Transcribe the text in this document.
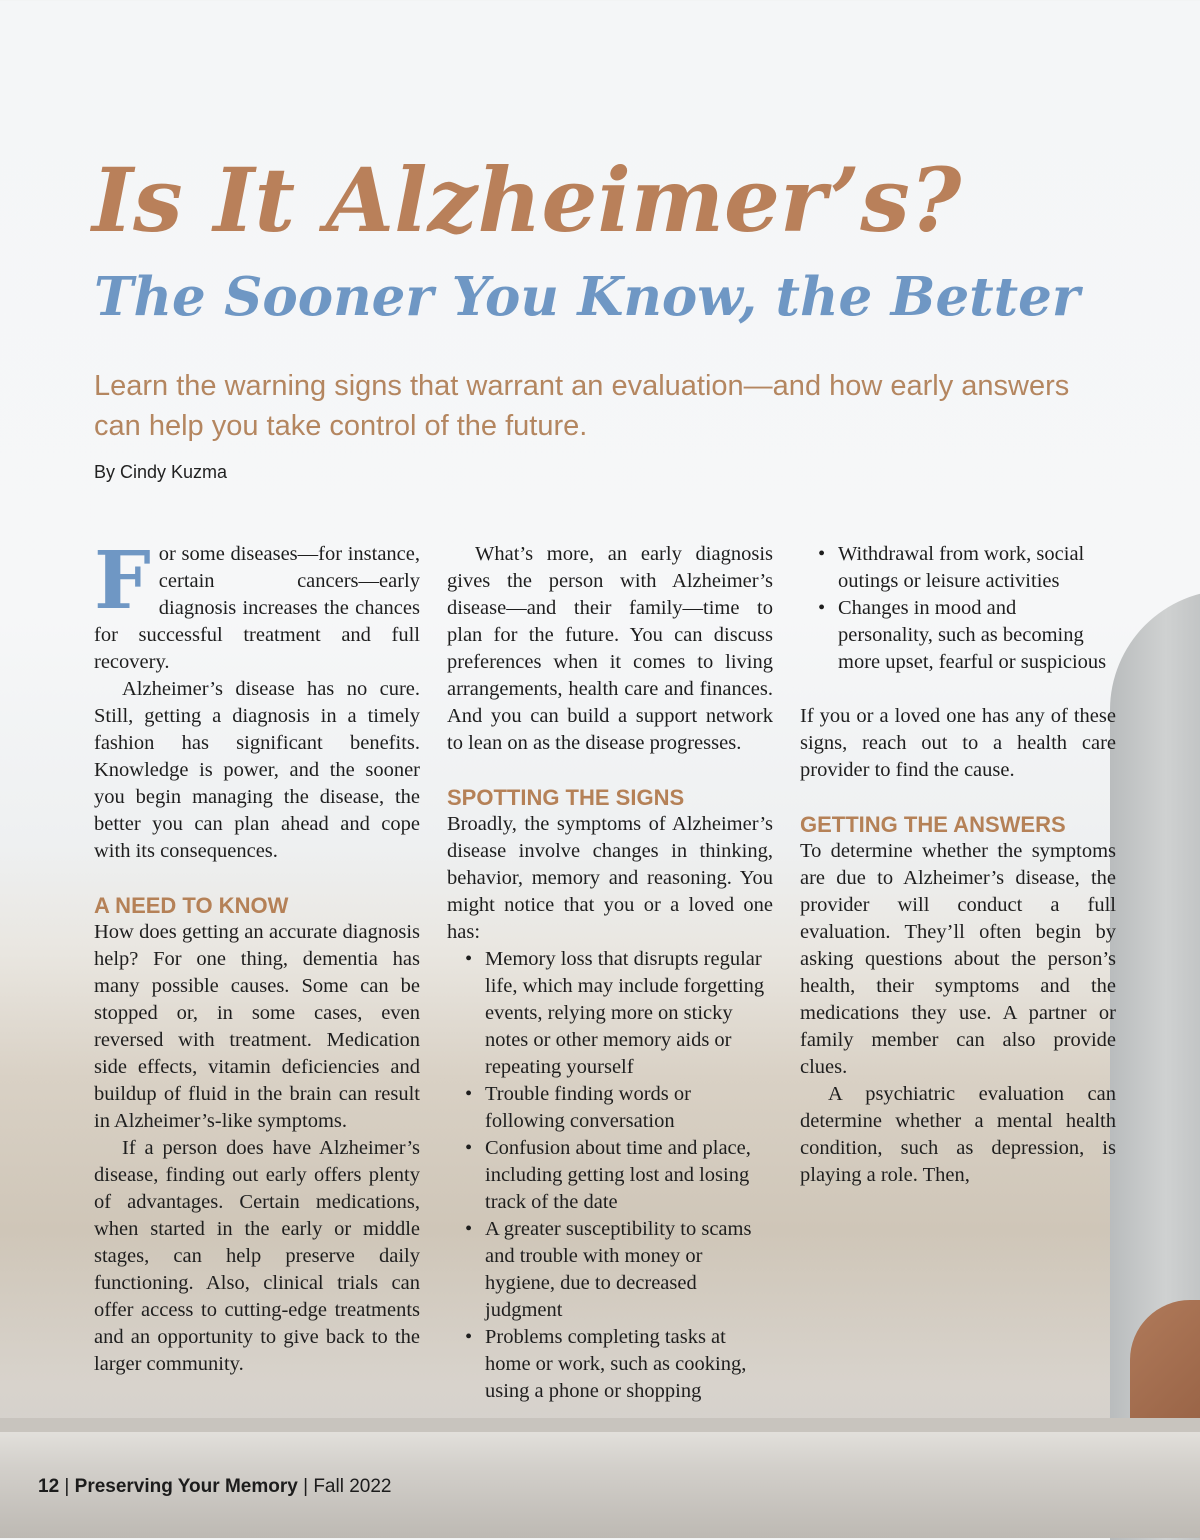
Is It Alzheimer’s?
The Sooner You Know, the Better

Learn the warning signs that warrant an evaluation—and how early answers can help you take control of the future.

By Cindy Kuzma

For some diseases—for instance, certain cancers—early diagnosis increases the chances for successful treatment and full recovery.

Alzheimer’s disease has no cure. Still, getting a diagnosis in a timely fashion has significant benefits. Knowledge is power, and the sooner you begin managing the disease, the better you can plan ahead and cope with its consequences.

A NEED TO KNOW

How does getting an accurate diagnosis help? For one thing, dementia has many possible causes. Some can be stopped or, in some cases, even reversed with treatment. Medication side effects, vitamin deficiencies and buildup of fluid in the brain can result in Alzheimer’s-like symptoms.

If a person does have Alzheimer’s disease, finding out early offers plenty of advantages. Certain medications, when started in the early or middle stages, can help preserve daily functioning. Also, clinical trials can offer access to cutting-edge treatments and an opportunity to give back to the larger community.

What’s more, an early diagnosis gives the person with Alzheimer’s disease—and their family—time to plan for the future. You can discuss preferences when it comes to living arrangements, health care and finances. And you can build a support network to lean on as the disease progresses.

SPOTTING THE SIGNS

Broadly, the symptoms of Alzheimer’s disease involve changes in thinking, behavior, memory and reasoning. You might notice that you or a loved one has:

• Memory loss that disrupts regular life, which may include forgetting events, relying more on sticky notes or other memory aids or repeating yourself
• Trouble finding words or following conversation
• Confusion about time and place, including getting lost and losing track of the date
• A greater susceptibility to scams and trouble with money or hygiene, due to decreased judgment
• Problems completing tasks at home or work, such as cooking, using a phone or shopping
• Withdrawal from work, social outings or leisure activities
• Changes in mood and personality, such as becoming more upset, fearful or suspicious

If you or a loved one has any of these signs, reach out to a health care provider to find the cause.

GETTING THE ANSWERS

To determine whether the symptoms are due to Alzheimer’s disease, the provider will conduct a full evaluation. They’ll often begin by asking questions about the person’s health, their symptoms and the medications they use. A partner or family member can also provide clues.

A psychiatric evaluation can determine whether a mental health condition, such as depression, is playing a role. Then,

12 | Preserving Your Memory | Fall 2022
